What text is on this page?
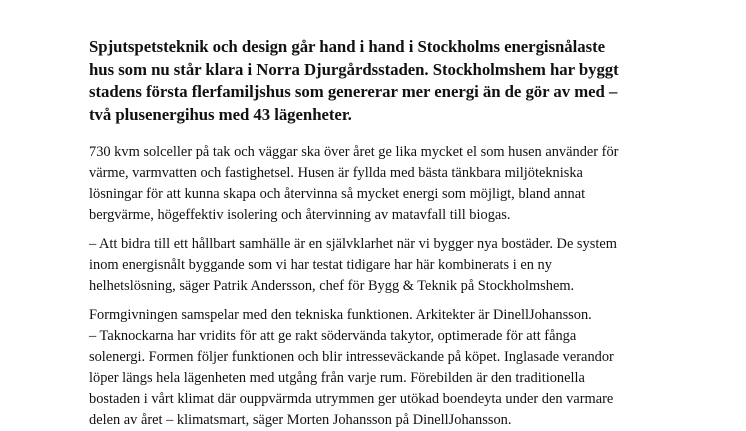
Spjutspetsteknik och design går hand i hand i Stockholms energisnålaste
hus som nu står klara i Norra Djurgårdsstaden. Stockholmshem har byggt
stadens första flerfamiljshus som genererar mer energi än de gör av med –
två plusenergihus med 43 lägenheter.

730 kvm solceller på tak och väggar ska över året ge lika mycket el som husen använder för
värme, varmvatten och fastighetsel. Husen är fyllda med bästa tänkbara miljötekniska
lösningar för att kunna skapa och återvinna så mycket energi som möjligt, bland annat
bergvärme, högeffektiv isolering och återvinning av matavfall till biogas.

– Att bidra till ett hållbart samhälle är en självklarhet när vi bygger nya bostäder. De system
inom energisnålt byggande som vi har testat tidigare har här kombinerats i en ny
helhetslösning, säger Patrik Andersson, chef för Bygg & Teknik på Stockholmshem.

Formgivningen samspelar med den tekniska funktionen. Arkitekter är DinellJohansson.
– Taknockarna har vridits för att ge rakt södervända takytor, optimerade för att fånga
solenergi. Formen följer funktionen och blir intresseväckande på köpet. Inglasade verandor
löper längs hela lägenheten med utgång från varje rum. Förebilden är den traditionella
bostaden i vårt klimat där ouppvärmda utrymmen ger utökad boendeyta under den varmare
delen av året – klimatsmart, säger Morten Johansson på DinellJohansson.
